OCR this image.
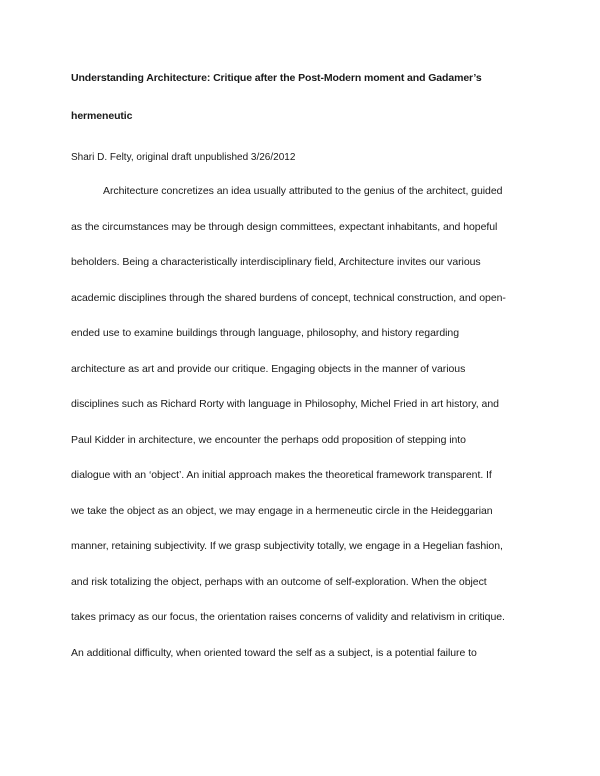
Understanding Architecture: Critique after the Post-Modern moment and Gadamer’s
hermeneutic
Shari D. Felty, original draft unpublished 3/26/2012
Architecture concretizes an idea usually attributed to the genius of the architect, guided
as the circumstances may be through design committees, expectant inhabitants, and hopeful
beholders. Being a characteristically interdisciplinary field, Architecture invites our various
academic disciplines through the shared burdens of concept, technical construction, and open-
ended use to examine buildings through language, philosophy, and history regarding
architecture as art and provide our critique. Engaging objects in the manner of various
disciplines such as Richard Rorty with language in Philosophy, Michel Fried in art history, and
Paul Kidder in architecture, we encounter the perhaps odd proposition of stepping into
dialogue with an ‘object’. An initial approach makes the theoretical framework transparent. If
we take the object as an object, we may engage in a hermeneutic circle in the Heideggarian
manner, retaining subjectivity. If we grasp subjectivity totally, we engage in a Hegelian fashion,
and risk totalizing the object, perhaps with an outcome of self-exploration. When the object
takes primacy as our focus, the orientation raises concerns of validity and relativism in critique.
An additional difficulty, when oriented toward the self as a subject, is a potential failure to
